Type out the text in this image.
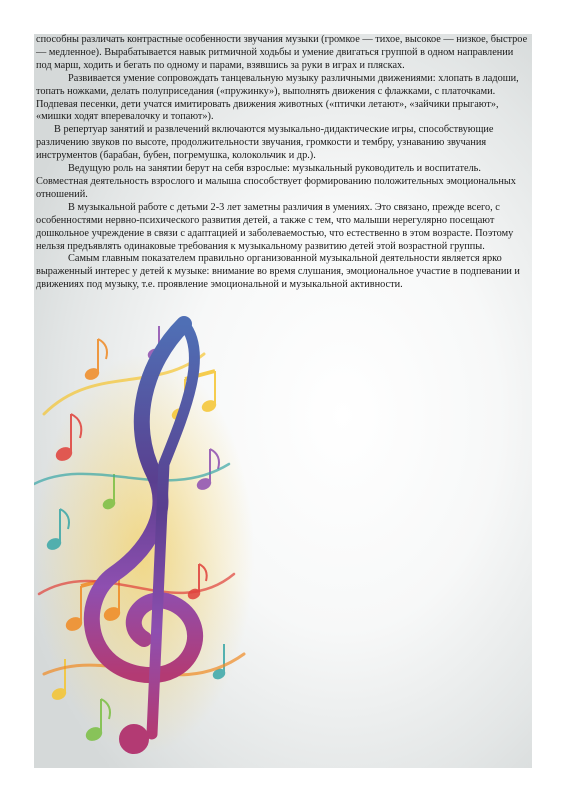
способны различать контрастные особенности звучания музыки (громкое — тихое, высокое — низкое, быстрое — медленное). Вырабатывается навык ритмичной ходьбы и умение двигаться группой в одном направлении под марш, ходить и бегать по одному и парами, взявшись за руки в играх и плясках.

Развивается умение сопровождать танцевальную музыку различными движениями: хлопать в ладоши, топать ножками, делать полуприседания («пружинку»), выполнять движения с флажками, с платочками. Подпевая песенки, дети учатся имитировать движения животных («птички летают», «зайчики прыгают», «мишки ходят вперевалочку и топают»).

В репертуар занятий и развлечений включаются музыкально-дидактические игры, способствующие различению звуков по высоте, продолжительности звучания, громкости и тембру, узнаванию звучания инструментов (барабан, бубен, погремушка, колокольчик и др.).

Ведущую роль на занятии берут на себя взрослые: музыкальный руководитель и воспитатель. Совместная деятельность взрослого и малыша способствует формированию положительных эмоциональных отношений.

В музыкальной работе с детьми 2-3 лет заметны различия в умениях. Это связано, прежде всего, с особенностями нервно-психического развития детей, а также с тем, что малыши нерегулярно посещают дошкольное учреждение в связи с адаптацией и заболеваемостью, что естественно в этом возрасте. Поэтому нельзя предъявлять одинаковые требования к музыкальному развитию детей этой возрастной группы.

Самым главным показателем правильно организованной музыкальной деятельности является ярко выраженный интерес у детей к музыке: внимание во время слушания, эмоциональное участие в подпевании и движениях под музыку, т.е. проявление эмоциональной и музыкальной активности.
